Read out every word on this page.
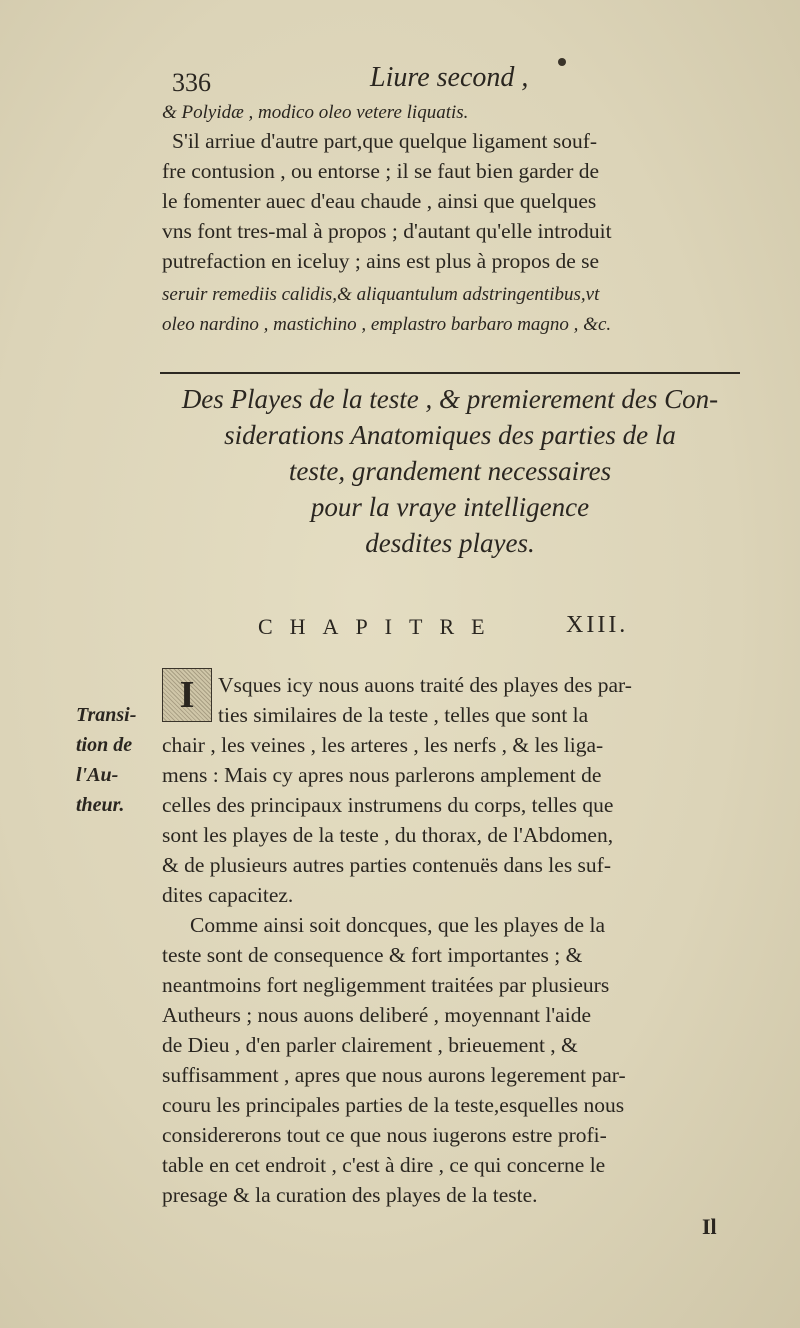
336	Liure second ,
& Polyidæ , modico oleo vetere liquatis.
S'il arriue d'autre part,que quelque ligament souf-
fre contusion , ou entorse ; il se faut bien garder de
le fomenter auec d'eau chaude , ainsi que quelques
vns font tres-mal à propos ; d'autant qu'elle introduit
putrefaction en iceluy ; ains est plus à propos de se
seruir remediis calidis,& aliquantulum adstringentibus,vt
oleo nardino , mastichino , emplastro barbaro magno , &c.
Des Playes de la teste , & premierement des Con-
siderations Anatomiques des parties de la
teste, grandement necessaires
pour la vraye intelligence
desdites playes.
CHAPITRE	XIII.
Transi-
tion de
l'Au-
theur.
I	Vsques icy nous auons traité des playes des par-
ties similaires de la teste , telles que sont la
chair , les veines , les arteres , les nerfs , & les liga-
mens : Mais cy apres nous parlerons amplement de
celles des principaux instrumens du corps, telles que
sont les playes de la teste , du thorax, de l'Abdomen,
& de plusieurs autres parties contenuës dans les suf-
dites capacitez.
Comme ainsi soit doncques, que les playes de la
teste sont de consequence & fort importantes ; &
neantmoins fort negligemment traitées par plusieurs
Autheurs ; nous auons deliberé , moyennant l'aide
de Dieu , d'en parler clairement , brieuement , &
suffisamment , apres que nous aurons legerement par-
couru les principales parties de la teste,esquelles nous
considererons tout ce que nous iugerons estre profi-
table en cet endroit , c'est à dire , ce qui concerne le
presage & la curation des playes de la teste.
Il
